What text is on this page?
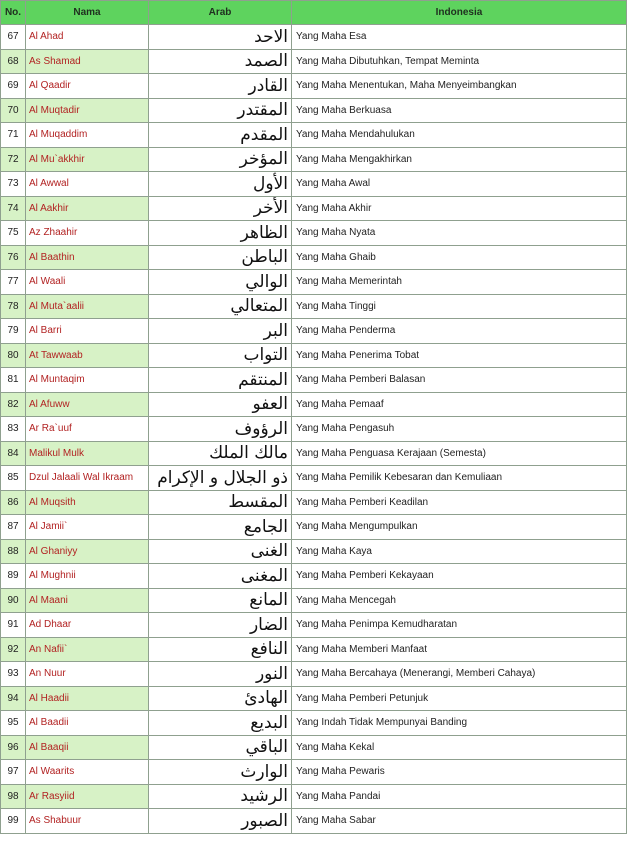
No.	Nama	Arab	Indonesia
67	Al Ahad	الاحد	Yang Maha Esa
68	As Shamad	الصمد	Yang Maha Dibutuhkan, Tempat Meminta
69	Al Qaadir	القادر	Yang Maha Menentukan, Maha Menyeimbangkan
70	Al Muqtadir	المقتدر	Yang Maha Berkuasa
71	Al Muqaddim	المقدم	Yang Maha Mendahulukan
72	Al Mu`akkhir	المؤخر	Yang Maha Mengakhirkan
73	Al Awwal	الأول	Yang Maha Awal
74	Al Aakhir	الأخر	Yang Maha Akhir
75	Az Zhaahir	الظاهر	Yang Maha Nyata
76	Al Baathin	الباطن	Yang Maha Ghaib
77	Al Waali	الوالي	Yang Maha Memerintah
78	Al Muta`aalii	المتعالي	Yang Maha Tinggi
79	Al Barri	البر	Yang Maha Penderma
80	At Tawwaab	التواب	Yang Maha Penerima Tobat
81	Al Muntaqim	المنتقم	Yang Maha Pemberi Balasan
82	Al Afuww	العفو	Yang Maha Pemaaf
83	Ar Ra`uuf	الرؤوف	Yang Maha Pengasuh
84	Malikul Mulk	مالك الملك	Yang Maha Penguasa Kerajaan (Semesta)
85	Dzul Jalaali Wal Ikraam	ذو الجلال و الإكرام	Yang Maha Pemilik Kebesaran dan Kemuliaan
86	Al Muqsith	المقسط	Yang Maha Pemberi Keadilan
87	Al Jamii`	الجامع	Yang Maha Mengumpulkan
88	Al Ghaniyy	الغنى	Yang Maha Kaya
89	Al Mughnii	المغنى	Yang Maha Pemberi Kekayaan
90	Al Maani	المانع	Yang Maha Mencegah
91	Ad Dhaar	الضار	Yang Maha Penimpa Kemudharatan
92	An Nafii`	النافع	Yang Maha Memberi Manfaat
93	An Nuur	النور	Yang Maha Bercahaya (Menerangi, Memberi Cahaya)
94	Al Haadii	الهادئ	Yang Maha Pemberi Petunjuk
95	Al Baadii	البديع	Yang Indah Tidak Mempunyai Banding
96	Al Baaqii	الباقي	Yang Maha Kekal
97	Al Waarits	الوارث	Yang Maha Pewaris
98	Ar Rasyiid	الرشيد	Yang Maha Pandai
99	As Shabuur	الصبور	Yang Maha Sabar
